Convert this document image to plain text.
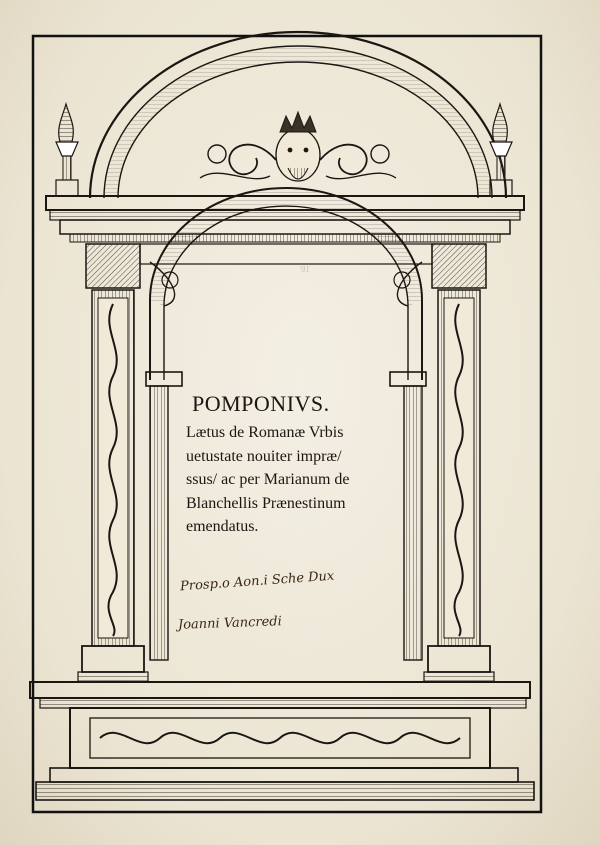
ıɐ

POMPONIVS.

Lætus de Romanæ Vrbis

uetustate nouiter impræ/

ssus/ ac per Marianum de

Blanchellis Prænestinum

emendatus.

Prosp.o Aon.i Sche Dux
Joanni Vancredi
